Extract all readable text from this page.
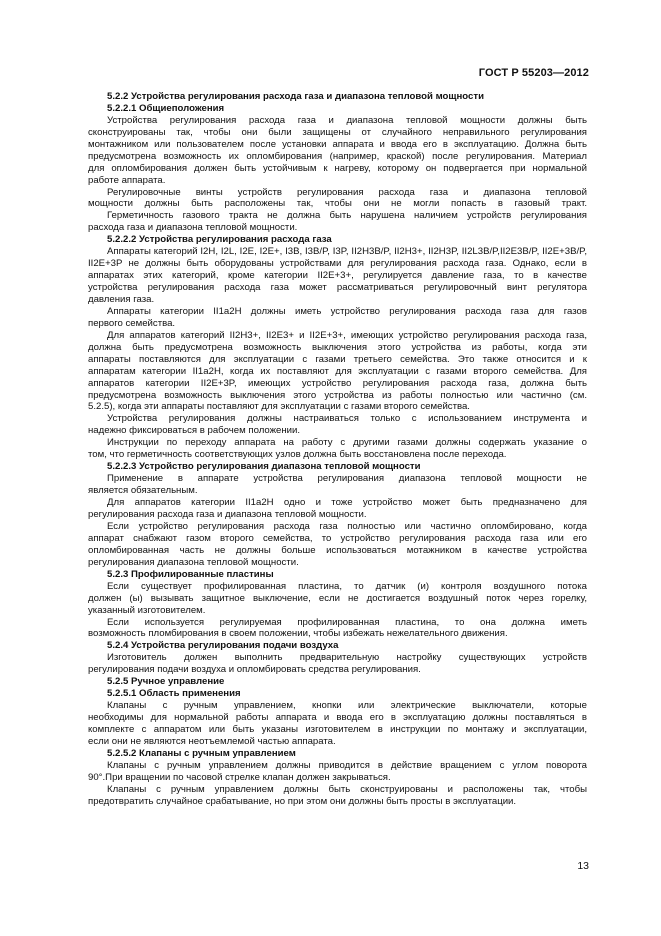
ГОСТ Р 55203—2012
5.2.2 Устройства регулирования расхода газа и диапазона тепловой мощности
5.2.2.1 Общиеположения
Устройства регулирования расхода газа и диапазона тепловой мощности должны быть
сконструированы так, чтобы они были защищены от случайного неправильного регулирования
монтажником или пользователем после установки аппарата и ввода его в эксплуатацию. Должна быть
предусмотрена возможность их опломбирования (например, краской) после регулирования. Материал
для опломбирования должен быть устойчивым к нагреву, которому он подвергается при нормальной
работе аппарата.
Регулировочные винты устройств регулирования расхода газа и диапазона тепловой
мощности должны быть расположены так, чтобы они не могли попасть в газовый тракт.
Герметичность газового тракта не должна быть нарушена наличием устройств регулирования
расхода газа и диапазона тепловой мощности.
5.2.2.2 Устройства регулирования расхода газа
Аппараты категорий I2H, I2L, I2E, I2E+, I3B, I3B/P, I3P, II2H3B/P, II2H3+, II2H3P, II2L3B/P,II2E3B/P, II2E+3B/P,
II2E+3P не должны быть оборудованы устройствами для регулирования расхода газа. Однако, если в
аппаратах этих категорий, кроме категории II2E+3+, регулируется давление газа, то в качестве
устройства регулирования расхода газа может рассматриваться регулировочный винт регулятора
давления газа.
Аппараты категории II1a2H должны иметь устройство регулирования расхода газа для газов
первого семейства.
Для аппаратов категорий II2H3+, II2E3+ и II2E+3+, имеющих устройство регулирования расхода газа,
должна быть предусмотрена возможность выключения этого устройства из работы, когда эти
аппараты поставляются для эксплуатации с газами третьего семейства. Это также относится и к
аппаратам категории II1a2H, когда их поставляют для эксплуатации с газами второго семейства. Для
аппаратов категории II2E+3P, имеющих устройство регулирования расхода газа, должна быть
предусмотрена возможность выключения этого устройства из работы полностью или частично (см.
5.2.5), когда эти аппараты поставляют для эксплуатации с газами второго семейства.
Устройства регулирования должны настраиваться только с использованием инструмента и
надежно фиксироваться в рабочем положении.
Инструкции по переходу аппарата на работу с другими газами должны содержать указание о
том, что герметичность соответствующих узлов должна быть восстановлена после перехода.
5.2.2.3 Устройство регулирования диапазона тепловой мощности
Применение в аппарате устройства регулирования диапазона тепловой мощности не
является обязательным.
Для аппаратов категории II1a2H одно и тоже устройство может быть предназначено для
регулирования расхода газа и диапазона тепловой мощности.
Если устройство регулирования расхода газа полностью или частично опломбировано, когда
аппарат снабжают газом второго семейства, то устройство регулирования расхода газа или его
опломбированная часть не должны больше использоваться мотажником в качестве устройства
регулирования диапазона тепловой мощности.
5.2.3 Профилированные пластины
Если существует профилированная пластина, то датчик (и) контроля воздушного потока
должен (ы) вызывать защитное выключение, если не достигается воздушный поток через горелку,
указанный изготовителем.
Если используется регулируемая профилированная пластина, то она должна иметь
возможность пломбирования в своем положении, чтобы избежать нежелательного движения.
5.2.4 Устройства регулирования подачи воздуха
Изготовитель должен выполнить предварительную настройку существующих устройств
регулирования подачи воздуха и опломбировать средства регулирования.
5.2.5 Ручное управление
5.2.5.1 Область применения
Клапаны с ручным управлением, кнопки или электрические выключатели, которые
необходимы для нормальной работы аппарата и ввода его в эксплуатацию должны поставляться в
комплекте с аппаратом или быть указаны изготовителем в инструкции по монтажу и эксплуатации,
если они не являются неотъемлемой частью аппарата.
5.2.5.2 Клапаны с ручным управлением
Клапаны с ручным управлением должны приводится в действие вращением с углом поворота
90°.При вращении по часовой стрелке клапан должен закрываться.
Клапаны с ручным управлением должны быть сконструированы и расположены так, чтобы
предотвратить случайное срабатывание, но при этом они должны быть просты в эксплуатации.
13
